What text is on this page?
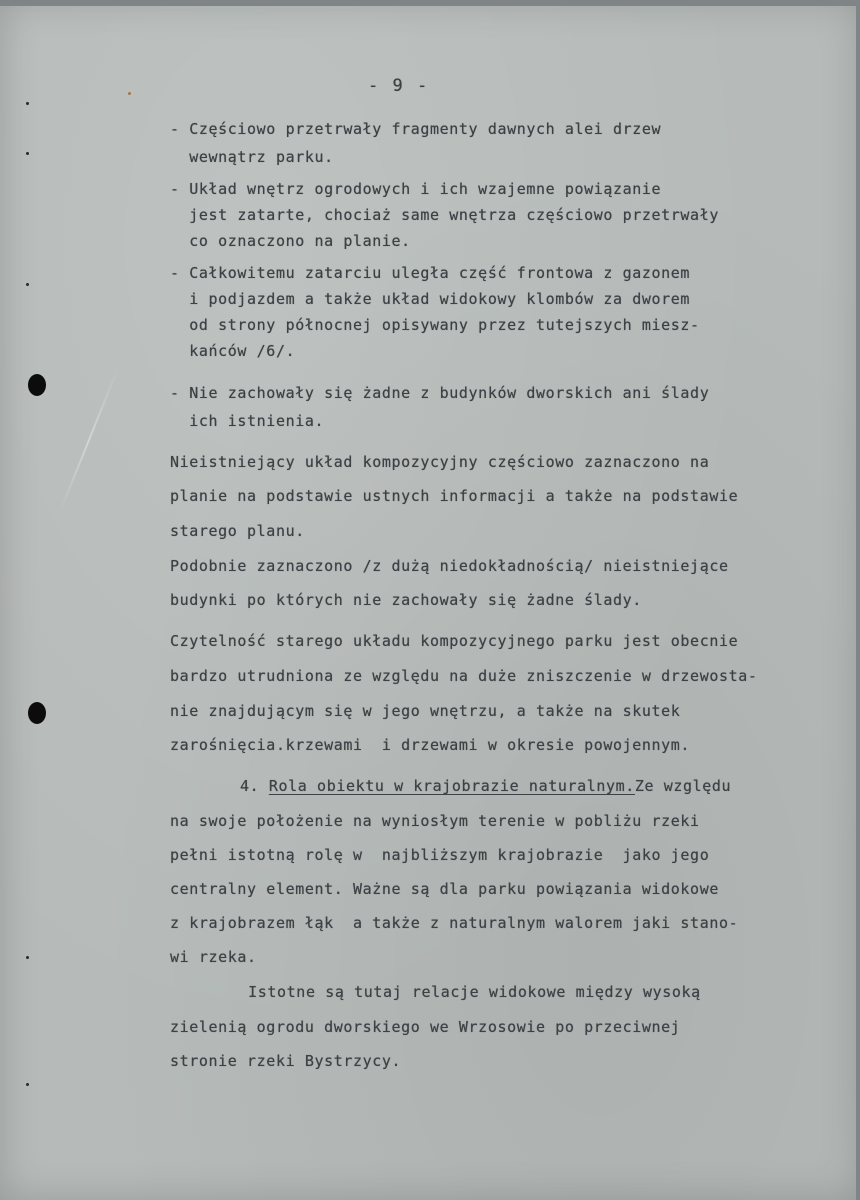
- 9 -
- Częściowo przetrwały fragmenty dawnych alei drzew
wewnątrz parku.
- Układ wnętrz ogrodowych i ich wzajemne powiązanie
jest zatarte, chociaż same wnętrza częściowo przetrwały
co oznaczono na planie.
- Całkowitemu zatarciu uległa część frontowa z gazonem
i podjazdem a także układ widokowy klombów za dworem
od strony północnej opisywany przez tutejszych miesz-
kańców /6/.
- Nie zachowały się żadne z budynków dworskich ani ślady
ich istnienia.
Nieistniejący układ kompozycyjny częściowo zaznaczono na
planie na podstawie ustnych informacji a także na podstawie
starego planu.
Podobnie zaznaczono /z dużą niedokładnością/ nieistniejące
budynki po których nie zachowały się żadne ślady.
Czytelność starego układu kompozycyjnego parku jest obecnie
bardzo utrudniona ze względu na duże zniszczenie w drzewosta-
nie znajdującym się w jego wnętrzu, a także na skutek
zarośnięcia.krzewami  i drzewami w okresie powojennym.
4. Rola obiektu w krajobrazie naturalnym.Ze względu
na swoje położenie na wyniosłym terenie w pobliżu rzeki
pełni istotną rolę w  najbliższym krajobrazie  jako jego
centralny element. Ważne są dla parku powiązania widokowe
z krajobrazem łąk  a także z naturalnym walorem jaki stano-
wi rzeka.
Istotne są tutaj relacje widokowe między wysoką
zielenią ogrodu dworskiego we Wrzosowie po przeciwnej
stronie rzeki Bystrzycy.
